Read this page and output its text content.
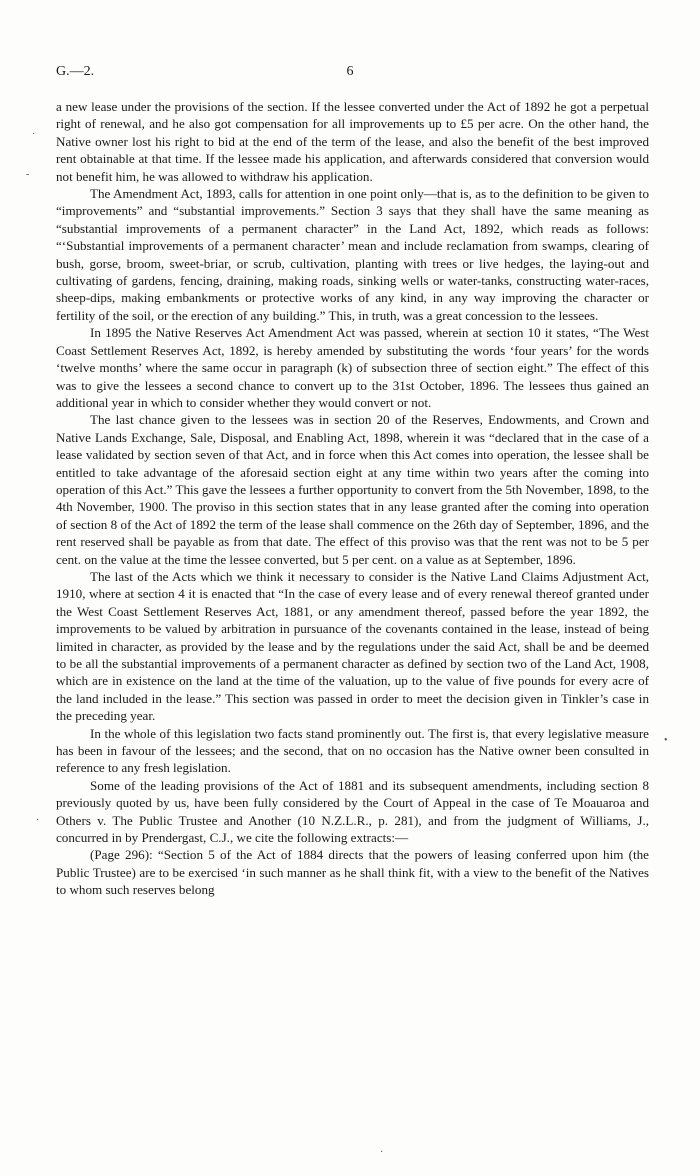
G.—2.	6

a new lease under the provisions of the section. If the lessee converted under the Act of 1892 he got a perpetual right of renewal, and he also got compensation for all improvements up to £5 per acre. On the other hand, the Native owner lost his right to bid at the end of the term of the lease, and also the benefit of the best improved rent obtainable at that time. If the lessee made his application, and afterwards considered that conversion would not benefit him, he was allowed to withdraw his application.

The Amendment Act, 1893, calls for attention in one point only—that is, as to the definition to be given to “improvements” and “substantial improvements.” Section 3 says that they shall have the same meaning as “substantial improvements of a permanent character” in the Land Act, 1892, which reads as follows: “‘Substantial improvements of a permanent character’ mean and include reclamation from swamps, clearing of bush, gorse, broom, sweet-briar, or scrub, cultivation, planting with trees or live hedges, the laying-out and cultivating of gardens, fencing, draining, making roads, sinking wells or water-tanks, constructing water-races, sheep-dips, making embankments or protective works of any kind, in any way improving the character or fertility of the soil, or the erection of any building.” This, in truth, was a great concession to the lessees.

In 1895 the Native Reserves Act Amendment Act was passed, wherein at section 10 it states, “The West Coast Settlement Reserves Act, 1892, is hereby amended by substituting the words ‘four years’ for the words ‘twelve months’ where the same occur in paragraph (k) of subsection three of section eight.” The effect of this was to give the lessees a second chance to convert up to the 31st October, 1896. The lessees thus gained an additional year in which to consider whether they would convert or not.

The last chance given to the lessees was in section 20 of the Reserves, Endowments, and Crown and Native Lands Exchange, Sale, Disposal, and Enabling Act, 1898, wherein it was “declared that in the case of a lease validated by section seven of that Act, and in force when this Act comes into operation, the lessee shall be entitled to take advantage of the aforesaid section eight at any time within two years after the coming into operation of this Act.” This gave the lessees a further opportunity to convert from the 5th November, 1898, to the 4th November, 1900. The proviso in this section states that in any lease granted after the coming into operation of section 8 of the Act of 1892 the term of the lease shall commence on the 26th day of September, 1896, and the rent reserved shall be payable as from that date. The effect of this proviso was that the rent was not to be 5 per cent. on the value at the time the lessee converted, but 5 per cent. on a value as at September, 1896.

The last of the Acts which we think it necessary to consider is the Native Land Claims Adjustment Act, 1910, where at section 4 it is enacted that “In the case of every lease and of every renewal thereof granted under the West Coast Settlement Reserves Act, 1881, or any amendment thereof, passed before the year 1892, the improvements to be valued by arbitration in pursuance of the covenants contained in the lease, instead of being limited in character, as provided by the lease and by the regulations under the said Act, shall be and be deemed to be all the substantial improvements of a permanent character as defined by section two of the Land Act, 1908, which are in existence on the land at the time of the valuation, up to the value of five pounds for every acre of the land included in the lease.” This section was passed in order to meet the decision given in Tinkler’s case in the preceding year.

In the whole of this legislation two facts stand prominently out. The first is, that every legislative measure has been in favour of the lessees; and the second, that on no occasion has the Native owner been consulted in reference to any fresh legislation.

Some of the leading provisions of the Act of 1881 and its subsequent amendments, including section 8 previously quoted by us, have been fully considered by the Court of Appeal in the case of Te Moauaroa and Others v. The Public Trustee and Another (10 N.Z.L.R., p. 281), and from the judgment of Williams, J., concurred in by Prendergast, C.J., we cite the following extracts:—

(Page 296): “Section 5 of the Act of 1884 directs that the powers of leasing conferred upon him (the Public Trustee) are to be exercised ‘in such manner as he shall think fit, with a view to the benefit of the Natives to whom such reserves belong

·
-
·
•
·
